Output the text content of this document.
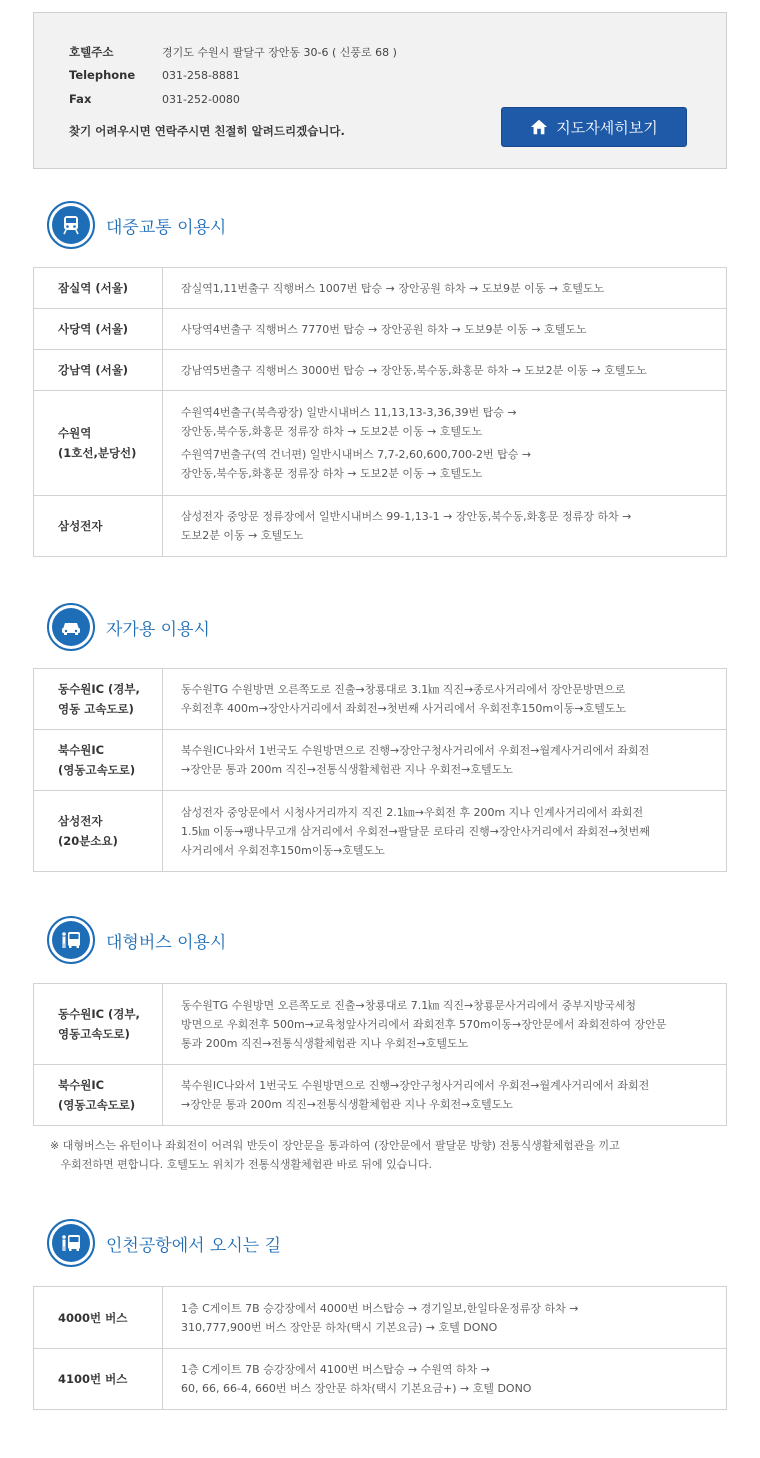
호텔주소	경기도 수원시 팔달구 장안동 30-6 ( 신풍로 68 )
Telephone 031-258-8881
Fax	031-252-0080
찾기 어려우시면 연락주시면 친절히 알려드리겠습니다.	지도자세히보기
대중교통 이용시
잠실역 (서울)	잠실역1,11번출구 직행버스 1007번 탑승 → 장안공원 하차 → 도보9분 이동 → 호텔도노

사당역 (서울)	사당역4번출구 직행버스 7770번 탑승 → 장안공원 하차 → 도보9분 이동 → 호텔도노

강남역 (서울)	강남역5번출구 직행버스 3000번 탑승 → 장안동,북수동,화홍문 하차 → 도보2분 이동 → 호텔도노

수원역
(1호선,분당선)	수원역4번출구(북측광장) 일반시내버스 11,13,13-3,36,39번 탑승 →
장안동,북수동,화홍문 정류장 하차 → 도보2분 이동 → 호텔도노
수원역7번출구(역 건너편) 일반시내버스 7,7-2,60,600,700-2번 탑승 →
장안동,북수동,화홍문 정류장 하차 → 도보2분 이동 → 호텔도노

삼성전자	삼성전자 중앙문 정류장에서 일반시내버스 99-1,13-1 → 장안동,북수동,화홍문 정류장 하차 →
도보2분 이동 → 호텔도노
자가용 이용시
동수원IC (경부,
영동 고속도로)	동수원TG 수원방면 오른쪽도로 진출→창룡대로 3.1㎞ 직진→종로사거리에서 장안문방면으로
우회전후 400m→장안사거리에서 좌회전→첫번째 사거리에서 우회전후150m이동→호텔도노

북수원IC
(영동고속도로)	북수원IC나와서 1번국도 수원방면으로 진행→장안구청사거리에서 우회전→월계사거리에서 좌회전
→장안문 통과 200m 직진→전통식생활체험관 지나 우회전→호텔도노

삼성전자
(20분소요)	삼성전자 중앙문에서 시청사거리까지 직진 2.1㎞→우회전 후 200m 지나 인계사거리에서 좌회전
1.5㎞ 이동→팽나무고개 삼거리에서 우회전→팔달문 로타리 진행→장안사거리에서 좌회전→첫번째
사거리에서 우회전후150m이동→호텔도노
대형버스 이용시
동수원IC (경부,
영동고속도로)	동수원TG 수원방면 오른쪽도로 진출→창룡대로 7.1㎞ 직진→창룡문사거리에서 중부지방국세청
방면으로 우회전후 500m→교육청앞사거리에서 좌회전후 570m이동→장안문에서 좌회전하여 장안문
통과 200m 직진→전통식생활체험관 지나 우회전→호텔도노

북수원IC
(영동고속도로)	북수원IC나와서 1번국도 수원방면으로 진행→장안구청사거리에서 우회전→월계사거리에서 좌회전
→장안문 통과 200m 직진→전통식생활체험관 지나 우회전→호텔도노
※ 대형버스는 유턴이나 좌회전이 어려워 반듯이 장안문을 통과하여 (장안문에서 팔달문 방향) 전통식생활체험관을 끼고
우회전하면 편합니다. 호텔도노 위치가 전통식생활체험관 바로 뒤에 있습니다.
인천공항에서 오시는 길
4000번 버스	1층 C게이트 7B 승강장에서 4000번 버스탑승 → 경기일보,한일타운정류장 하차 →
310,777,900번 버스 장안문 하차(택시 기본요금) → 호텔 DONO

4100번 버스	1층 C게이트 7B 승강장에서 4100번 버스탑승 → 수원역 하차 →
60, 66, 66-4, 660번 버스 장안문 하차(택시 기본요금+) → 호텔 DONO
